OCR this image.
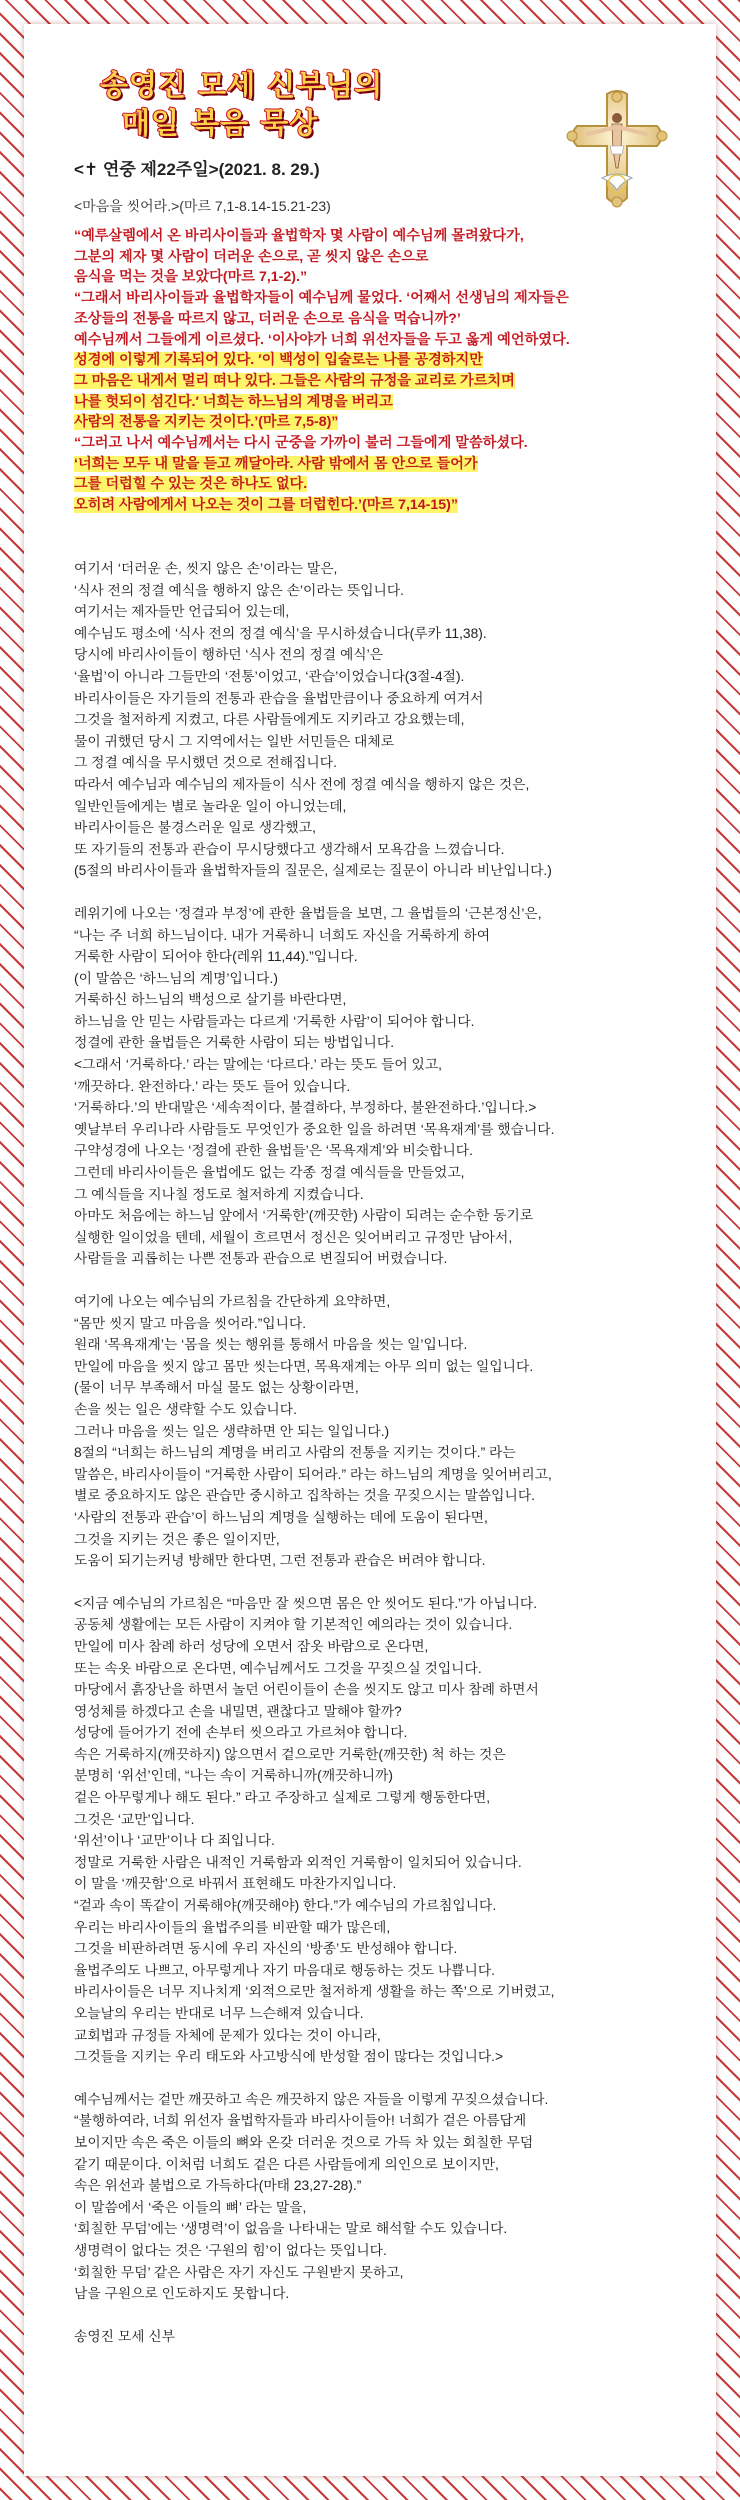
송영진 모세 신부님의
매일 복음 묵상
<✝ 연중 제22주일>(2021. 8. 29.)
<마음을 씻어라.>(마르 7,1-8.14-15.21-23)
“예루살렘에서 온 바리사이들과 율법학자 몇 사람이 예수님께 몰려왔다가,
그분의 제자 몇 사람이 더러운 손으로, 곧 씻지 않은 손으로
음식을 먹는 것을 보았다(마르 7,1-2).”
“그래서 바리사이들과 율법학자들이 예수님께 물었다. ‘어째서 선생님의 제자들은
조상들의 전통을 따르지 않고, 더러운 손으로 음식을 먹습니까?’
예수님께서 그들에게 이르셨다. ‘이사야가 너희 위선자들을 두고 옳게 예언하였다.
성경에 이렇게 기록되어 있다. ′이 백성이 입술로는 나를 공경하지만
그 마음은 내게서 멀리 떠나 있다. 그들은 사람의 규정을 교리로 가르치며
나를 헛되이 섬긴다.′ 너희는 하느님의 계명을 버리고
사람의 전통을 지키는 것이다.’(마르 7,5-8)”
“그러고 나서 예수님께서는 다시 군중을 가까이 불러 그들에게 말씀하셨다.
‘너희는 모두 내 말을 듣고 깨달아라. 사람 밖에서 몸 안으로 들어가
그를 더럽힐 수 있는 것은 하나도 없다.
오히려 사람에게서 나오는 것이 그를 더럽힌다.’(마르 7,14-15)”
여기서 ‘더러운 손, 씻지 않은 손’이라는 말은,
‘식사 전의 정결 예식을 행하지 않은 손’이라는 뜻입니다.
여기서는 제자들만 언급되어 있는데,
예수님도 평소에 ‘식사 전의 정결 예식’을 무시하셨습니다(루카 11,38).
당시에 바리사이들이 행하던 ‘식사 전의 정결 예식’은
‘율법’이 아니라 그들만의 ‘전통’이었고, ‘관습’이었습니다(3절-4절).
바리사이들은 자기들의 전통과 관습을 율법만큼이나 중요하게 여겨서
그것을 철저하게 지켰고, 다른 사람들에게도 지키라고 강요했는데,
물이 귀했던 당시 그 지역에서는 일반 서민들은 대체로
그 정결 예식을 무시했던 것으로 전해집니다.
따라서 예수님과 예수님의 제자들이 식사 전에 정결 예식을 행하지 않은 것은,
일반인들에게는 별로 놀라운 일이 아니었는데,
바리사이들은 불경스러운 일로 생각했고,
또 자기들의 전통과 관습이 무시당했다고 생각해서 모욕감을 느꼈습니다.
(5절의 바리사이들과 율법학자들의 질문은, 실제로는 질문이 아니라 비난입니다.)
레위기에 나오는 ‘정결과 부정’에 관한 율법들을 보면, 그 율법들의 ‘근본정신’은,
“나는 주 너희 하느님이다. 내가 거룩하니 너희도 자신을 거룩하게 하여
거룩한 사람이 되어야 한다(레위 11,44).”입니다.
(이 말씀은 ‘하느님의 계명’입니다.)
거룩하신 하느님의 백성으로 살기를 바란다면,
하느님을 안 믿는 사람들과는 다르게 ‘거룩한 사람’이 되어야 합니다.
정결에 관한 율법들은 거룩한 사람이 되는 방법입니다.
<그래서 ‘거룩하다.’ 라는 말에는 ‘다르다.’ 라는 뜻도 들어 있고,
‘깨끗하다. 완전하다.’ 라는 뜻도 들어 있습니다.
‘거룩하다.’의 반대말은 ‘세속적이다, 불결하다, 부정하다, 불완전하다.’입니다.>
옛날부터 우리나라 사람들도 무엇인가 중요한 일을 하려면 ‘목욕재계’를 했습니다.
구약성경에 나오는 ‘정결에 관한 율법들’은 ‘목욕재계’와 비슷합니다.
그런데 바리사이들은 율법에도 없는 각종 정결 예식들을 만들었고,
그 예식들을 지나칠 정도로 철저하게 지켰습니다.
아마도 처음에는 하느님 앞에서 ‘거룩한’(깨끗한) 사람이 되려는 순수한 동기로
실행한 일이었을 텐데, 세월이 흐르면서 정신은 잊어버리고 규정만 남아서,
사람들을 괴롭히는 나쁜 전통과 관습으로 변질되어 버렸습니다.
여기에 나오는 예수님의 가르침을 간단하게 요약하면,
“몸만 씻지 말고 마음을 씻어라.”입니다.
원래 ‘목욕재계’는 ‘몸을 씻는 행위를 통해서 마음을 씻는 일’입니다.
만일에 마음을 씻지 않고 몸만 씻는다면, 목욕재계는 아무 의미 없는 일입니다.
(물이 너무 부족해서 마실 물도 없는 상황이라면,
손을 씻는 일은 생략할 수도 있습니다.
그러나 마음을 씻는 일은 생략하면 안 되는 일입니다.)
8절의 “너희는 하느님의 계명을 버리고 사람의 전통을 지키는 것이다.” 라는
말씀은, 바리사이들이 “거룩한 사람이 되어라.” 라는 하느님의 계명을 잊어버리고,
별로 중요하지도 않은 관습만 중시하고 집착하는 것을 꾸짖으시는 말씀입니다.
‘사람의 전통과 관습’이 하느님의 계명을 실행하는 데에 도움이 된다면,
그것을 지키는 것은 좋은 일이지만,
도움이 되기는커녕 방해만 한다면, 그런 전통과 관습은 버려야 합니다.
<지금 예수님의 가르침은 “마음만 잘 씻으면 몸은 안 씻어도 된다.”가 아닙니다.
공동체 생활에는 모든 사람이 지켜야 할 기본적인 예의라는 것이 있습니다.
만일에 미사 참례 하러 성당에 오면서 잠옷 바람으로 온다면,
또는 속옷 바람으로 온다면, 예수님께서도 그것을 꾸짖으실 것입니다.
마당에서 흙장난을 하면서 놀던 어린이들이 손을 씻지도 않고 미사 참례 하면서
영성체를 하겠다고 손을 내밀면, 괜찮다고 말해야 할까?
성당에 들어가기 전에 손부터 씻으라고 가르쳐야 합니다.
속은 거룩하지(깨끗하지) 않으면서 겉으로만 거룩한(깨끗한) 척 하는 것은
분명히 ‘위선’인데, “나는 속이 거룩하니까(깨끗하니까)
겉은 아무렇게나 해도 된다.” 라고 주장하고 실제로 그렇게 행동한다면,
그것은 ‘교만’입니다.
‘위선’이나 ‘교만’이나 다 죄입니다.
정말로 거룩한 사람은 내적인 거룩함과 외적인 거룩함이 일치되어 있습니다.
이 말을 ‘깨끗함’으로 바꿔서 표현해도 마찬가지입니다.
“겉과 속이 똑같이 거룩해야(깨끗해야) 한다.”가 예수님의 가르침입니다.
우리는 바리사이들의 율법주의를 비판할 때가 많은데,
그것을 비판하려면 동시에 우리 자신의 ‘방종’도 반성해야 합니다.
율법주의도 나쁘고, 아무렇게나 자기 마음대로 행동하는 것도 나쁩니다.
바리사이들은 너무 지나치게 ‘외적으로만 철저하게 생활을 하는 쪽’으로 기버렸고,
오늘날의 우리는 반대로 너무 느슨해져 있습니다.
교회법과 규정들 자체에 문제가 있다는 것이 아니라,
그것들을 지키는 우리 태도와 사고방식에 반성할 점이 많다는 것입니다.>
예수님께서는 겉만 깨끗하고 속은 깨끗하지 않은 자들을 이렇게 꾸짖으셨습니다.
“불행하여라, 너희 위선자 율법학자들과 바리사이들아! 너희가 겉은 아름답게
보이지만 속은 죽은 이들의 뼈와 온갖 더러운 것으로 가득 차 있는 회칠한 무덤
같기 때문이다. 이처럼 너희도 겉은 다른 사람들에게 의인으로 보이지만,
속은 위선과 불법으로 가득하다(마태 23,27-28).”
이 말씀에서 ‘죽은 이들의 뼈’ 라는 말을,
‘회칠한 무덤’에는 ‘생명력’이 없음을 나타내는 말로 해석할 수도 있습니다.
생명력이 없다는 것은 ‘구원의 힘’이 없다는 뜻입니다.
‘회칠한 무덤’ 같은 사람은 자기 자신도 구원받지 못하고,
남을 구원으로 인도하지도 못합니다.
송영진 모세 신부
